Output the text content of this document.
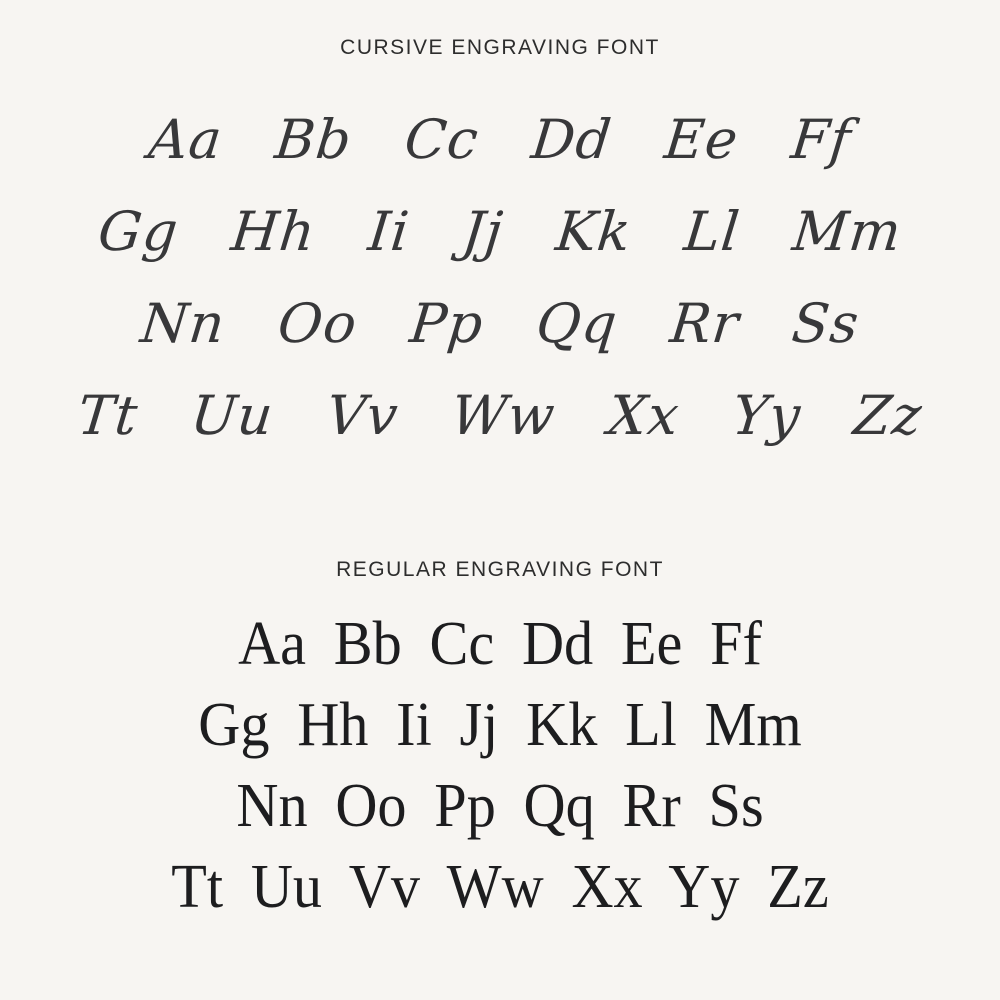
CURSIVE ENGRAVING FONT
Aa Bb Cc Dd Ee Ff
Gg Hh Ii Jj Kk Ll Mm
Nn Oo Pp Qq Rr Ss
Tt Uu Vv Ww Xx Yy Zz
REGULAR ENGRAVING FONT
Aa Bb Cc Dd Ee Ff
Gg Hh Ii Jj Kk Ll Mm
Nn Oo Pp Qq Rr Ss
Tt Uu Vv Ww Xx Yy Zz
